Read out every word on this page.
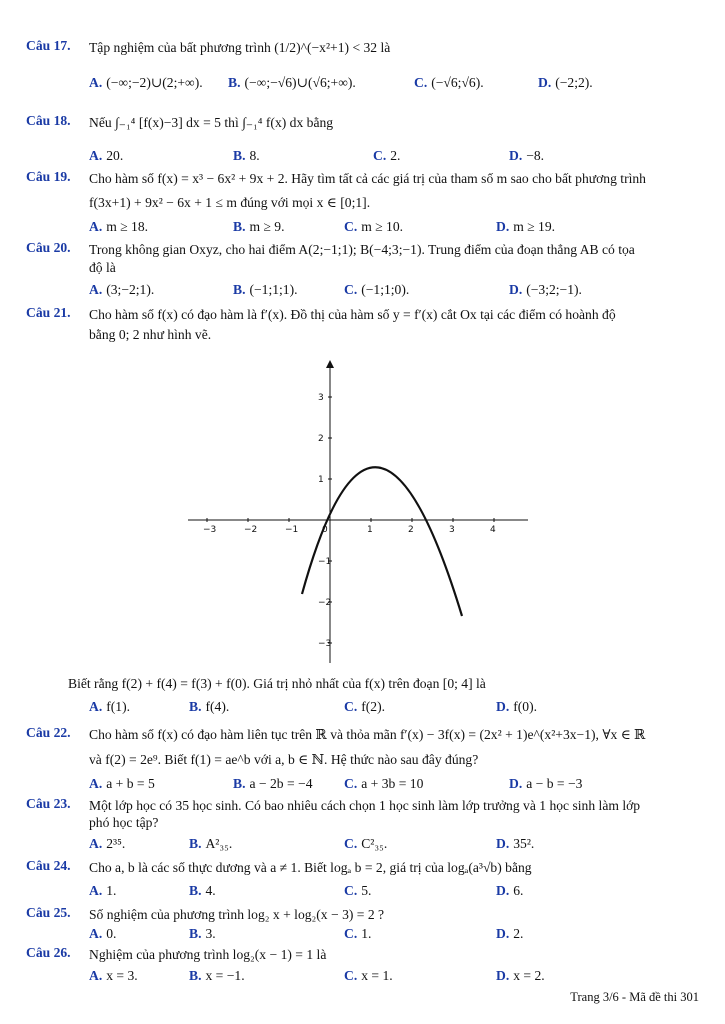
Câu 17. Tập nghiệm của bất phương trình (1/2)^(−x²+1) < 32 là
A. (−∞;−2)∪(2;+∞). B. (−∞;−√6)∪(√6;+∞).	C. (−√6;√6).	D. (−2;2).
Câu 18. Nếu ∫₋₁⁴ [f(x)−3] dx = 5 thì ∫₋₁⁴ f(x) dx bằng
A. 20.	B. 8.	C. 2.	D. −8.
Câu 19. Cho hàm số f(x) = x³ − 6x² + 9x + 2. Hãy tìm tất cả các giá trị của tham số m sao cho bất phương trình
f(3x+1) + 9x² − 6x + 1 ≤ m đúng với mọi x ∈ [0;1].
A. m ≥ 18.	B. m ≥ 9.	C. m ≥ 10.	D. m ≥ 19.
Câu 20. Trong không gian Oxyz, cho hai điểm A(2;−1;1); B(−4;3;−1). Trung điểm của đoạn thẳng AB có tọa
độ là
A. (3;−2;1).	B. (−1;1;1).	C. (−1;1;0).	D. (−3;2;−1).
Câu 21. Cho hàm số f(x) có đạo hàm là f′(x). Đồ thị của hàm số y = f′(x) cắt Ox tại các điểm có hoành độ
bằng 0; 2 như hình vẽ.
−3	−2	−1	0	1	2	3	4
3
2
1
−1
−2
−3
Biết rằng f(2) + f(4) = f(3) + f(0). Giá trị nhỏ nhất của f(x) trên đoạn [0; 4] là
A. f(1).	B. f(4).	C. f(2).	D. f(0).
Câu 22. Cho hàm số f(x) có đạo hàm liên tục trên ℝ và thỏa mãn f′(x) − 3f(x) = (2x² + 1)e^(x²+3x−1), ∀x ∈ ℝ
và f(2) = 2e⁹. Biết f(1) = ae^b với a, b ∈ ℕ. Hệ thức nào sau đây đúng?
A. a + b = 5	B. a − 2b = −4 C. a + 3b = 10	D. a − b = −3
Câu 23. Một lớp học có 35 học sinh. Có bao nhiêu cách chọn 1 học sinh làm lớp trưởng và 1 học sinh làm lớp
phó học tập?
A. 2³⁵.	B. A²₃₅.	C. C²₃₅.	D. 35².
Câu 24. Cho a, b là các số thực dương và a ≠ 1. Biết logₐ b = 2, giá trị của logₐ(a³√b) bằng
A. 1.	B. 4.	C. 5.	D. 6.
Câu 25. Số nghiệm của phương trình log₂ x + log₂(x − 3) = 2 ?
A. 0.	B. 3.	C. 1.	D. 2.
Câu 26. Nghiệm của phương trình log₂(x − 1) = 1 là
A. x = 3.	B. x = −1.	C. x = 1.	D. x = 2.
Trang 3/6 - Mã đề thi 301
